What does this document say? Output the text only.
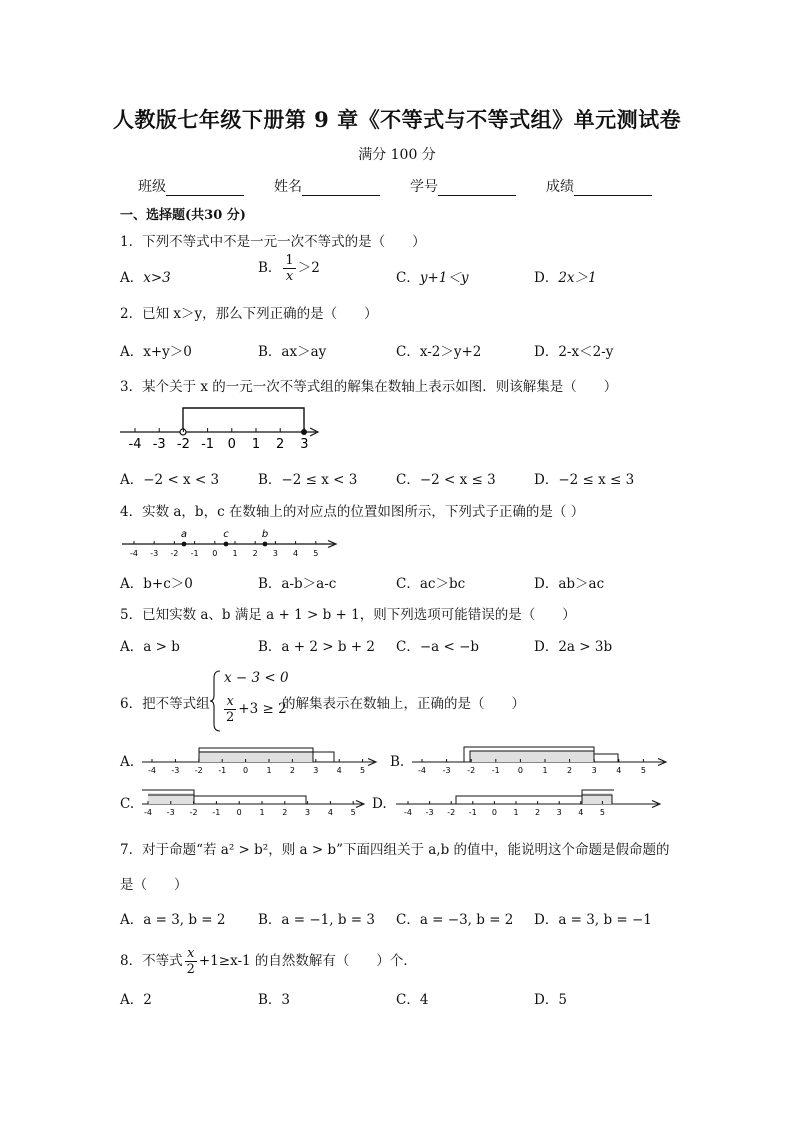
人教版七年级下册第 9 章《不等式与不等式组》单元测试卷
满分 100 分
班级	姓名	学号	成绩
一、选择题(共30 分)
1．下列不等式中不是一元一次不等式的是（　　）
A．x>3
B． $\frac{1}{x} >2$
C．y+1＜y	D．2x＞1
2．已知 x＞y，那么下列正确的是（　　）
A．x+y＞0	B．ax＞ay	C．x-2＞y+2	D．2-x＜2-y
3．某个关于 x 的一元一次不等式组的解集在数轴上表示如图．则该解集是（　　）
-4 -3 -2 -1 0 1 2 3
A．−2 < x < 3	B．−2 ≤ x < 3	C．−2 < x ≤ 3	D．−2 ≤ x ≤ 3
4．实数 a，b，c 在数轴上的对应点的位置如图所示，下列式子正确的是（ ）
-4 -3 -2 -1 0 1 2 3 4 5
a	c	b
A．b+c＞0	B．a-b＞a-c	C．ac＞bc	D．ab＞ac
5．已知实数 a、b 满足 a + 1 > b + 1，则下列选项可能错误的是（　　）
A．a > b	B．a + 2 > b + 2 C．−a < −b	D．2a > 3b
6．把不等式组
x − 3 < 0
$\frac{x}{2} +3 \ge 2$
的解集表示在数轴上，正确的是（　　）
A.
-4 -3 -2 -1 0 1 2 3 4 5
B.
-4 -3 -2 -1 0 1 2 3 4 5
C.
-4 -3 -2 -1 0 1 2 3 4 5
D.
-4 -3 -2 -1 0 1 2 3 4 5
7．对于命题“若 a² > b²，则 a > b”下面四组关于 a,b 的值中，能说明这个命题是假命题的
是（　　）
A．a = 3, b = 2 B．a = −1, b = 3 C．a = −3, b = 2 D．a = 3, b = −1
8．不等式 $\frac{x}{2} +1\ge x-1$ 的自然数解有（　　）个．
A．2	B．3	C．4	D．5
